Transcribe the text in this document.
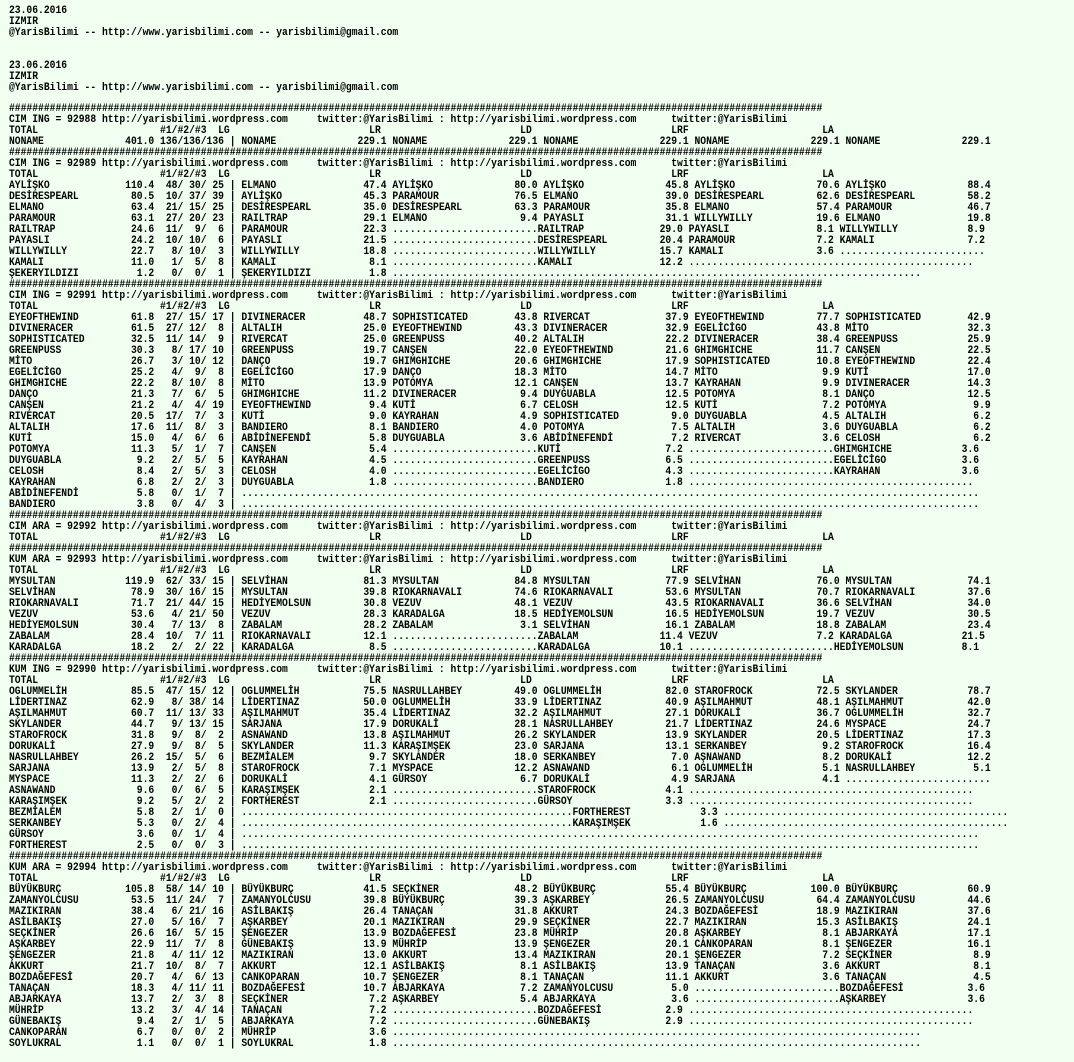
23.06.2016
IZMIR
@YarisBilimi -- http://www.yarisbilimi.com -- yarisbilimi@gmail.com
23.06.2016
IZMIR
@YarisBilimi -- http://www.yarisbilimi.com -- yarisbilimi@gmail.com
############################################################################################################################################
CIM ING = 92988 http://yarisbilimi.wordpress.com     twitter:@YarisBilimi : http://yarisbilimi.wordpress.com      twitter:@YarisBilimi
TOTAL                     #1/#2/#3  LG                        LR                        LD                        LRF                       LA
NONAME              401.0 136/136/136 | NONAME              229.1 NONAME              229.1 NONAME              229.1 NONAME              229.1 NONAME              229.1
############################################################################################################################################
CIM ING = 92989 http://yarisbilimi.wordpress.com     twitter:@YarisBilimi : http://yarisbilimi.wordpress.com      twitter:@YarisBilimi
TOTAL                     #1/#2/#3  LG                        LR                        LD                        LRF                       LA
AYLİŞKO             110.4  48/ 30/ 25 | ELMANO               47.4 AYLİŞKO              80.0 AYLİŞKO              45.8 AYLİŞKO              70.6 AYLİŞKO              88.4
DESİRESPEARL         80.5  10/ 37/ 39 | AYLİŞKO              45.3 PARAMOUR             76.5 ELMANO               39.0 DESİRESPEARL         62.6 DESİRESPEARL         58.2
ELMANO               63.4  21/ 15/ 25 | DESİRESPEARL         35.0 DESİRESPEARL         63.3 PARAMOUR             35.8 ELMANO               57.4 PARAMOUR             46.7
PARAMOUR             63.1  27/ 20/ 23 | RAILTRAP             29.1 ELMANO                9.4 PAYASLI              31.1 WILLYWILLY           19.6 ELMANO               19.8
RAILTRAP             24.6  11/  9/  6 | PARAMOUR             22.3 .........................RAILTRAP             29.0 PAYASLI               8.1 WILLYWILLY            8.9
PAYASLI              24.2  10/ 10/  6 | PAYASLI              21.5 .........................DESİRESPEARL         20.4 PARAMOUR              7.2 KAMALI                7.2
WILLYWILLY           22.7   8/ 10/  3 | WILLYWILLY           18.8 .........................WILLYWILLY           15.7 KAMALI                3.6 .........................
KAMALI               11.0   1/  5/  8 | KAMALI                8.1 .........................KAMALI               12.2 .................................................
ŞEKERYILDIZI          1.2   0/  0/  1 | ŞEKERYILDIZI          1.8 ...........................................................................................
############################################################################################################################################
CIM ING = 92991 http://yarisbilimi.wordpress.com     twitter:@YarisBilimi : http://yarisbilimi.wordpress.com      twitter:@YarisBilimi
TOTAL                     #1/#2/#3  LG                        LR                        LD                        LRF                       LA
EYEOFTHEWIND         61.8  27/ 15/ 17 | DIVINERACER          48.7 SOPHISTICATED        43.8 RIVERCAT             37.9 EYEOFTHEWIND         77.7 SOPHISTICATED        42.9
DIVINERACER          61.5  27/ 12/  8 | ALTALIH              25.0 EYEOFTHEWIND         43.3 DIVINERACER          32.9 EGELİCİGO            43.8 MİTO                 32.3
SOPHISTICATED        32.5  11/ 14/  9 | RIVERCAT             25.0 GREENPUSS            40.2 ALTALIH              22.2 DIVINERACER          38.4 GREENPUSS            25.9
GREENPUSS            30.3   8/ 17/ 10 | GREENPUSS            19.7 CANŞEN               22.0 EYEOFTHEWIND         21.6 GHIMGHICHE           11.7 CANŞEN               22.5
MİTO                 26.7   3/ 10/ 12 | DANÇO                19.7 GHIMGHICHE           20.6 GHIMGHICHE           17.9 SOPHISTICATED        10.8 EYEOFTHEWIND         22.4
EGELİCİGO            25.2   4/  9/  8 | EGELİCİGO            17.9 DANÇO                18.3 MİTO                 14.7 MİTO                  9.9 KUTİ                 17.0
GHIMGHICHE           22.2   8/ 10/  8 | MİTO                 13.9 POTOMYA              12.1 CANŞEN               13.7 KAYRAHAN              9.9 DIVINERACER          14.3
DANÇO                21.3   7/  6/  5 | GHIMGHICHE           11.2 DIVINERACER           9.4 DUYGUABLA            12.5 POTOMYA               8.1 DANÇO                12.5
CANŞEN               21.2   4/  4/ 19 | EYEOFTHEWIND          9.4 KUTİ                  6.7 CELOSH               12.5 KUTİ                  7.2 POTOMYA               9.9
RIVERCAT             20.5  17/  7/  3 | KUTİ                  9.0 KAYRAHAN              4.9 SOPHISTICATED         9.0 DUYGUABLA             4.5 ALTALIH               6.2
ALTALIH              17.6  11/  8/  3 | BANDIERO              8.1 BANDIERO              4.0 POTOMYA               7.5 ALTALIH               3.6 DUYGUABLA             6.2
KUTİ                 15.0   4/  6/  6 | ABİDİNEFENDİ          5.8 DUYGUABLA             3.6 ABİDİNEFENDİ          7.2 RIVERCAT              3.6 CELOSH                6.2
POTOMYA              11.3   5/  1/  7 | CANŞEN                5.4 .........................KUTİ                  7.2 .........................GHIMGHICHE            3.6
DUYGUABLA             9.2   2/  5/  5 | KAYRAHAN              4.5 .........................GREENPUSS             6.5 .........................EGELİCİGO             3.6
CELOSH                8.4   2/  5/  3 | CELOSH                4.0 .........................EGELİCİGO             4.3 .........................KAYRAHAN              3.6
KAYRAHAN              6.8   2/  2/  3 | DUYGUABLA             1.8 .........................BANDIERO              1.8 .................................................
ABİDİNEFENDİ          5.8   0/  1/  7 | ...............................................................................................................................
BANDIERO              3.8   0/  4/  3 | ...............................................................................................................................
############################################################################################################################################
CIM ARA = 92992 http://yarisbilimi.wordpress.com     twitter:@YarisBilimi : http://yarisbilimi.wordpress.com      twitter:@YarisBilimi
TOTAL                     #1/#2/#3  LG                        LR                        LD                        LRF                       LA
############################################################################################################################################
KUM ARA = 92993 http://yarisbilimi.wordpress.com     twitter:@YarisBilimi : http://yarisbilimi.wordpress.com      twitter:@YarisBilimi
TOTAL                     #1/#2/#3  LG                        LR                        LD                        LRF                       LA
MYSULTAN            119.9  62/ 33/ 15 | SELVİHAN             81.3 MYSULTAN             84.8 MYSULTAN             77.9 SELVİHAN             76.0 MYSULTAN             74.1
SELVİHAN             78.9  30/ 16/ 15 | MYSULTAN             39.8 RIOKARNAVALI         74.6 RIOKARNAVALI         53.6 MYSULTAN             70.7 RIOKARNAVALI         37.6
RIOKARNAVALI         71.7  21/ 44/ 15 | HEDİYEMOLSUN         30.8 VEZUV                48.1 VEZUV                43.5 RIOKARNAVALI         36.6 SELVİHAN             34.0
VEZUV                53.6   4/ 21/ 50 | VEZUV                28.3 KARADALGA            18.5 HEDİYEMOLSUN         16.5 HEDİYEMOLSUN         19.7 VEZUV                30.5
HEDİYEMOLSUN         30.4   7/ 13/  8 | ZABALAM              28.2 ZABALAM               3.1 SELVİHAN             16.1 ZABALAM              18.8 ZABALAM              23.4
ZABALAM              28.4  10/  7/ 11 | RIOKARNAVALI         12.1 .........................ZABALAM              11.4 VEZUV                 7.2 KARADALGA            21.5
KARADALGA            18.2   2/  2/ 22 | KARADALGA             8.5 .........................KARADALGA            10.1 .........................HEDİYEMOLSUN          8.1
############################################################################################################################################
KUM ING = 92990 http://yarisbilimi.wordpress.com     twitter:@YarisBilimi : http://yarisbilimi.wordpress.com      twitter:@YarisBilimi
TOTAL                     #1/#2/#3  LG                        LR                        LD                        LRF                       LA
OGLUMMELİH           85.5  47/ 15/ 12 | OGLUMMELİH           75.5 NASRULLAHBEY         49.0 OGLUMMELİH           82.0 STAROFROCK           72.5 SKYLANDER            78.7
LİDERTINAZ           62.9   8/ 38/ 14 | LİDERTINAZ           50.0 OGLUMMELİH           33.9 LİDERTINAZ           40.9 AŞILMAHMUT           48.1 AŞILMAHMUT           42.0
AŞILMAHMUT           60.7  11/ 13/ 33 | AŞILMAHMUT           35.4 LİDERTINAZ           32.2 AŞILMAHMUT           27.1 DORUKALİ             36.7 OGLUMMELİH           32.7
SKYLANDER            44.7   9/ 13/ 15 | SARJANA              17.9 DORUKALİ             28.1 NASRULLAHBEY         21.7 LİDERTINAZ           24.6 MYSPACE              24.7
STAROFROCK           31.8   9/  8/  2 | ASNAWAND             13.8 AŞILMAHMUT           26.2 SKYLANDER            13.9 SKYLANDER            20.5 LİDERTINAZ           17.3
DORUKALİ             27.9   9/  8/  5 | SKYLANDER            11.3 KARAŞIMŞEK           23.0 SARJANA              13.1 SERKANBEY             9.2 STAROFROCK           16.4
NASRULLAHBEY         26.2  15/  5/  6 | BEZMİALEM             9.7 SKYLANDER            18.0 SERKANBEY             7.0 AŞNAWAND              8.2 DORUKALİ             12.2
SARJANA              13.9   2/  5/  8 | STAROFROCK            7.1 MYSPACE              12.2 ASNAWAND              6.1 OGLUMMELİH            5.1 NASRULLAHBEY          5.1
MYSPACE              11.3   2/  2/  6 | DORUKALİ              4.1 GÜRSOY                6.7 DORUKALİ              4.9 SARJANA               4.1 .........................
ASNAWAND              9.6   0/  6/  5 | KARAŞIMŞEK            2.1 .........................STAROFROCK            4.1 .................................................
KARAŞIMŞEK            9.2   5/  2/  2 | FORTHEREST            2.1 .........................GÜRSOY                3.3 .................................................
BEZMİALEM             5.8   2/  1/  0 | .........................................................FORTHEREST            3.3 .................................................
SERKANBEY             5.3   0/  2/  4 | .........................................................KARAŞIMŞEK            1.6 .................................................
GÜRSOY                3.6   0/  1/  4 | ...............................................................................................................................
FORTHEREST            2.5   0/  0/  3 | ...............................................................................................................................
############################################################################################################################################
KUM ARA = 92994 http://yarisbilimi.wordpress.com     twitter:@YarisBilimi : http://yarisbilimi.wordpress.com      twitter:@YarisBilimi
TOTAL                     #1/#2/#3  LG                        LR                        LD                        LRF                       LA
BÜYÜKBURÇ           105.8  58/ 14/ 10 | BÜYÜKBURÇ            41.5 SEÇKİNER             48.2 BÜYÜKBURÇ            55.4 BÜYÜKBURÇ           100.0 BÜYÜKBURÇ            60.9
ZAMANYOLCUSU         53.5  11/ 24/  7 | ZAMANYOLCUSU         39.8 BÜYÜKBURÇ            39.3 AŞKARBEY             26.5 ZAMANYOLCUSU         64.4 ZAMANYOLCUSU         44.6
MAZIKIRAN            38.4   6/ 21/ 16 | ASİLBAKIŞ            26.4 TANAÇAN              31.8 AKKURT               24.3 BOZDAĞEFESİ          18.9 MAZIKIRAN            37.6
ASİLBAKIŞ            27.0   5/ 16/  7 | AŞKARBEY             20.1 MAZIKIRAN            29.9 SEÇKİNER             22.7 MAZIKIRAN            15.3 ASİLBAKIŞ            24.1
SEÇKİNER             26.6  16/  5/ 15 | ŞENGEZER             13.9 BOZDAĞEFESİ          23.8 MÜHRİP               20.8 AŞKARBEY              8.1 ABJARKAYA            17.1
AŞKARBEY             22.9  11/  7/  8 | GÜNEBAKIŞ            13.9 MÜHRİP               13.9 ŞENGEZER             20.1 CANKOPARAN            8.1 ŞENGEZER             16.1
ŞENGEZER             21.8   4/ 11/ 12 | MAZIKIRAN            13.0 AKKURT               13.4 MAZIKIRAN            20.1 ŞENGEZER              7.2 SEÇKİNER              8.9
AKKURT               21.7  10/  8/  7 | AKKURT               12.1 ASİLBAKIŞ             8.1 ASİLBAKIŞ            13.9 TANAÇAN               3.6 AKKURT                8.1
BOZDAĞEFESİ          20.7   4/  6/ 13 | CANKOPARAN           10.7 ŞENGEZER              8.1 TANAÇAN              11.1 AKKURT                3.6 TANAÇAN               4.5
TANAÇAN              18.3   4/ 11/ 11 | BOZDAĞEFESİ          10.7 ABJARKAYA             7.2 ZAMANYOLCUSU          5.0 .........................BOZDAĞEFESİ           3.6
ABJARKAYA            13.7   2/  3/  8 | SEÇKİNER              7.2 AŞKARBEY              5.4 ABJARKAYA             3.6 .........................AŞKARBEY              3.6
MÜHRİP               13.2   3/  4/ 14 | TANAÇAN               7.2 .........................BOZDAĞEFESİ           2.9 .................................................
GÜNEBAKIŞ             9.4   2/  1/  5 | ABJARKAYA             7.2 .........................GÜNEBAKIŞ             2.9 .................................................
CANKOPARAN            6.7   0/  0/  2 | MÜHRİP                3.6 ...........................................................................................
SOYLUKRAL             1.1   0/  0/  1 | SOYLUKRAL             1.8 ...........................................................................................
